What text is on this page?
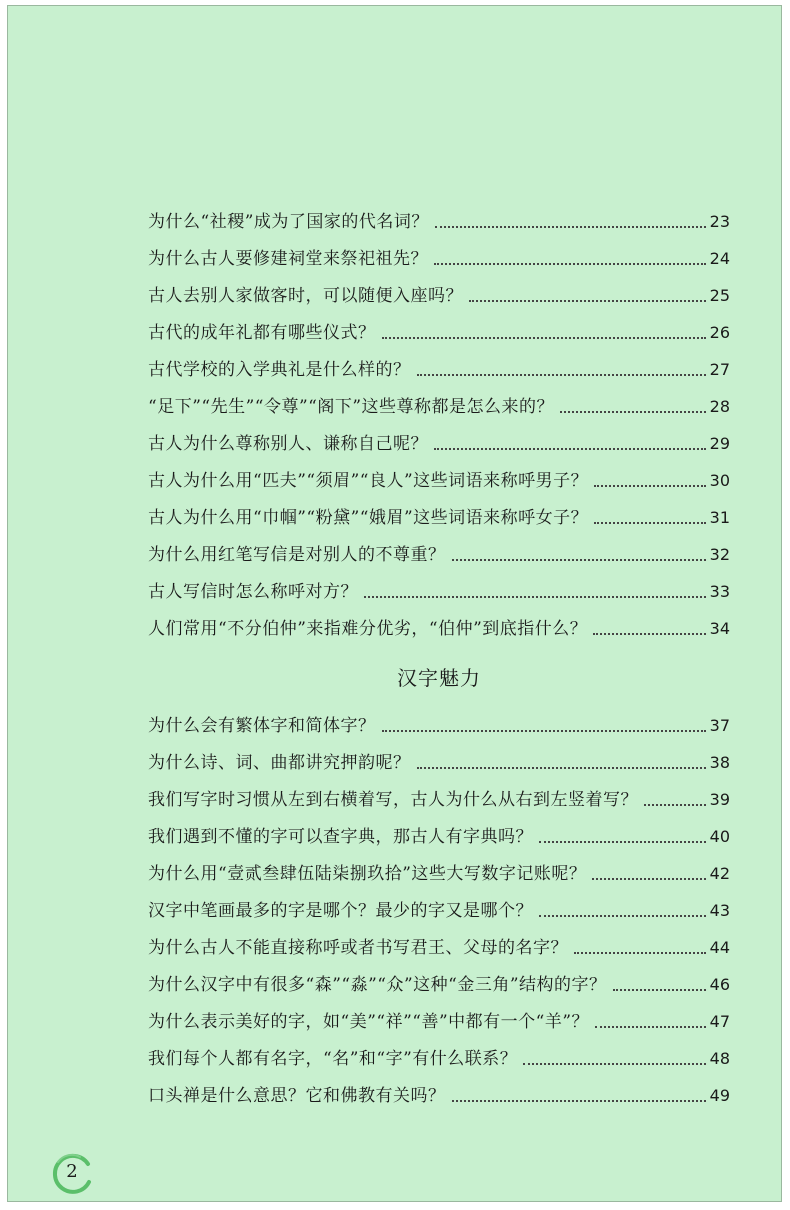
为什么“社稷”成为了国家的代名词？	23
为什么古人要修建祠堂来祭祀祖先？	24
古人去别人家做客时，可以随便入座吗？	25
古代的成年礼都有哪些仪式？	26
古代学校的入学典礼是什么样的？	27
“足下”“先生”“令尊”“阁下”这些尊称都是怎么来的？	28
古人为什么尊称别人、谦称自己呢？	29
古人为什么用“匹夫”“须眉”“良人”这些词语来称呼男子？	30
古人为什么用“巾帼”“粉黛”“娥眉”这些词语来称呼女子？	31
为什么用红笔写信是对别人的不尊重？	32
古人写信时怎么称呼对方？	33
人们常用“不分伯仲”来指难分优劣，“伯仲”到底指什么？	34
汉字魅力
为什么会有繁体字和简体字？	37
为什么诗、词、曲都讲究押韵呢？	38
我们写字时习惯从左到右横着写，古人为什么从右到左竖着写？	39
我们遇到不懂的字可以查字典，那古人有字典吗？	40
为什么用“壹贰叁肆伍陆柒捌玖拾”这些大写数字记账呢？	42
汉字中笔画最多的字是哪个？最少的字又是哪个？	43
为什么古人不能直接称呼或者书写君王、父母的名字？	44
为什么汉字中有很多“森”“淼”“众”这种“金三角”结构的字？	46
为什么表示美好的字，如“美”“祥”“善”中都有一个“羊”？	47
我们每个人都有名字，“名”和“字”有什么联系？	48
口头禅是什么意思？它和佛教有关吗？	49
2
